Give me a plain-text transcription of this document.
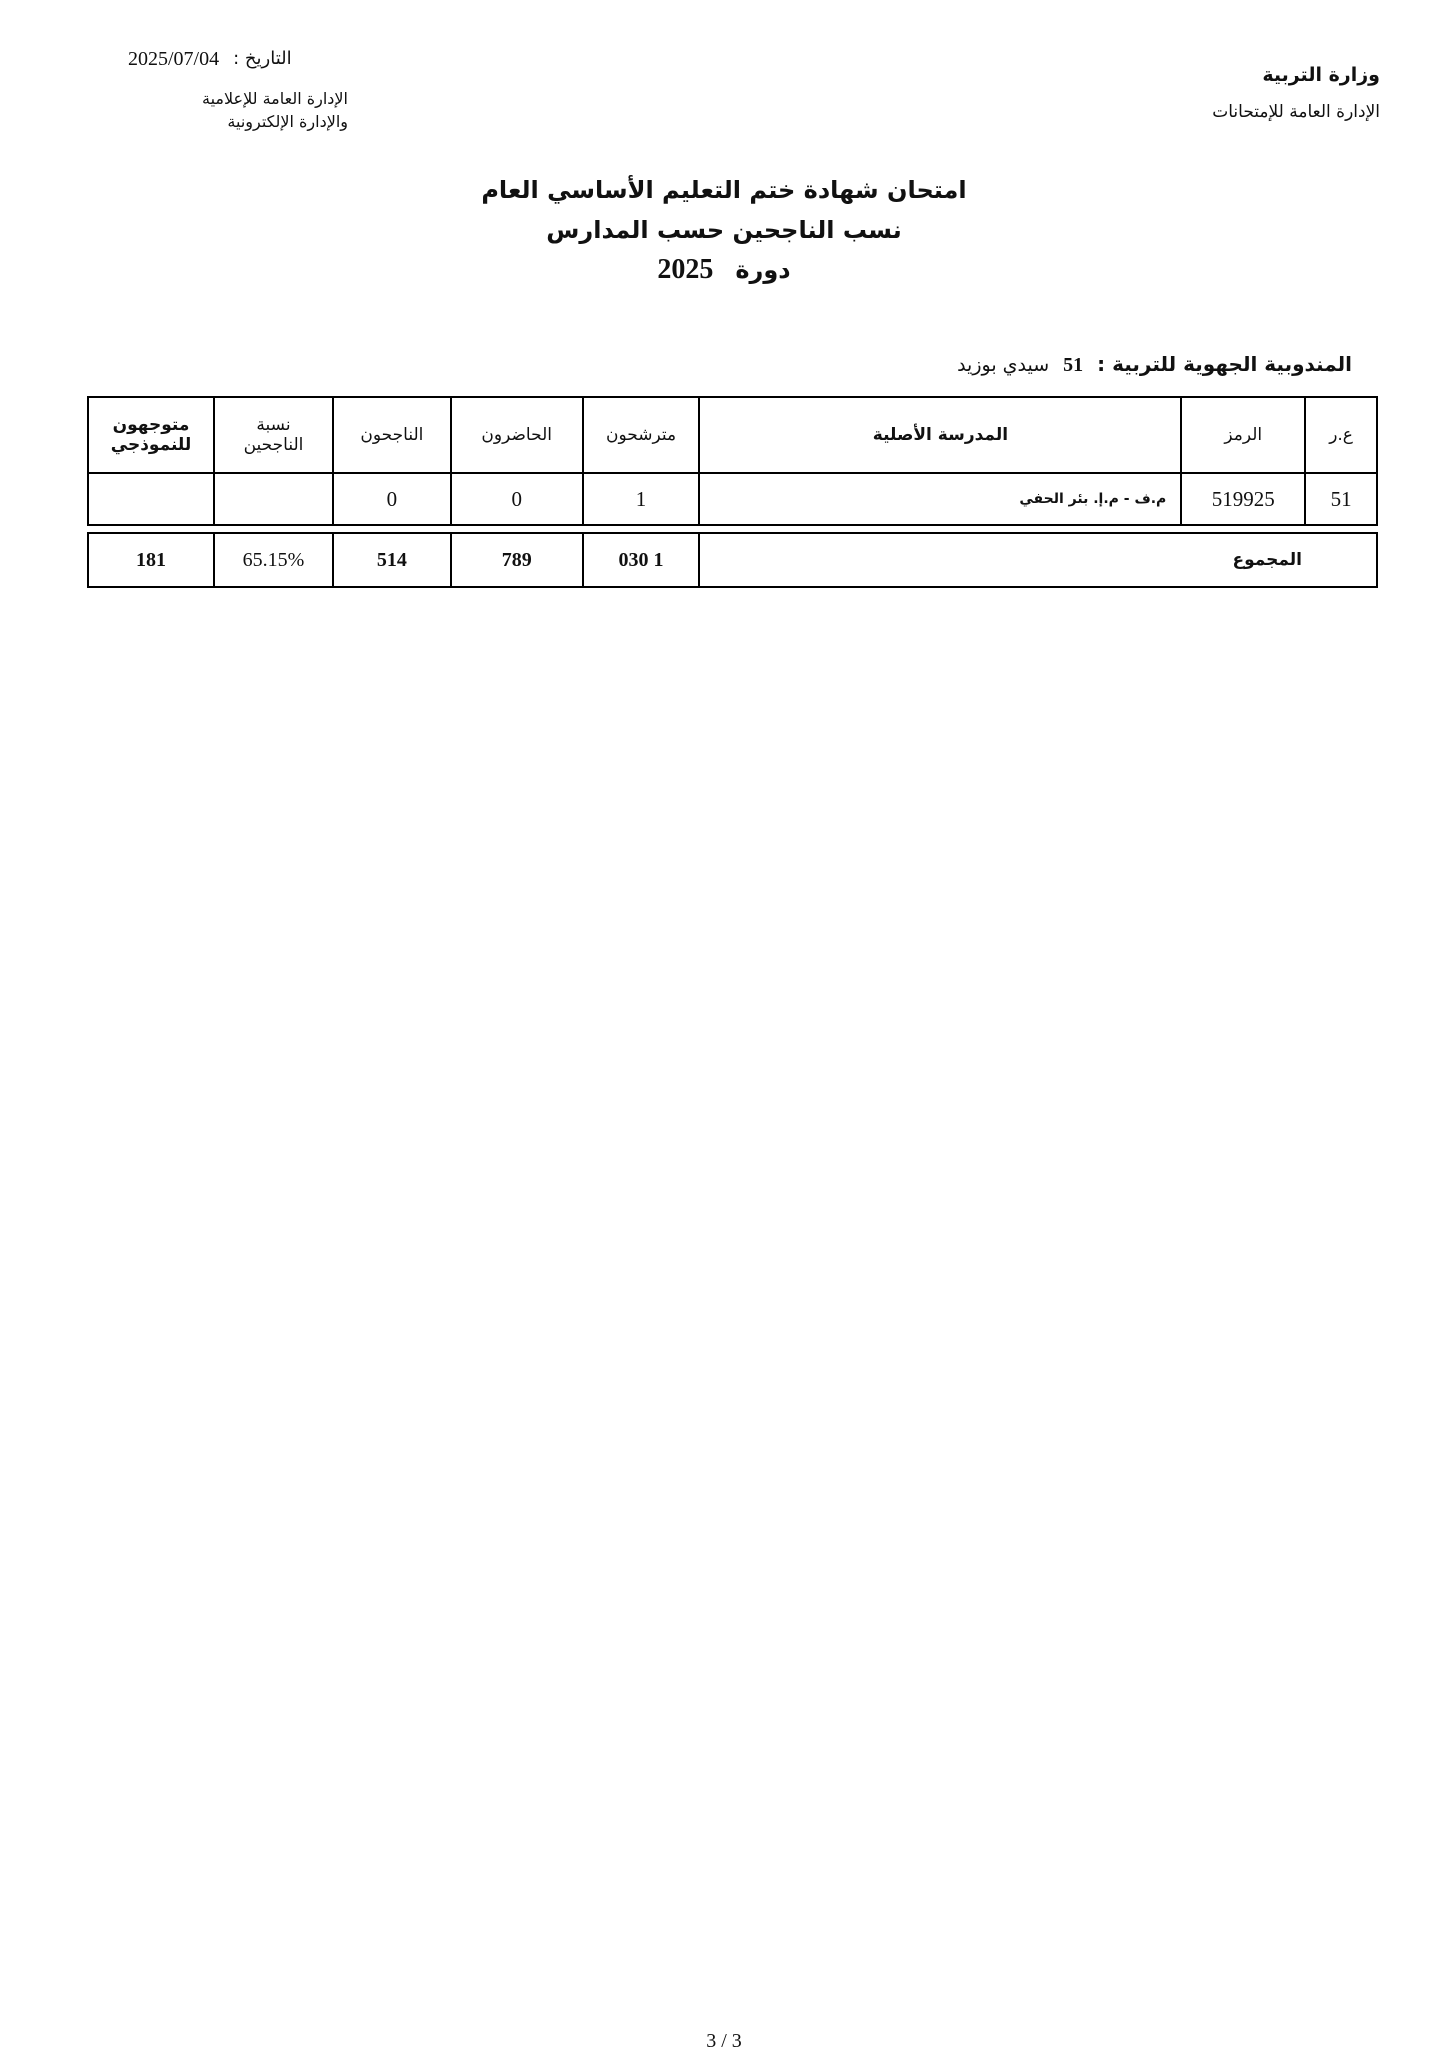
وزارة التربية
الإدارة العامة للإمتحانات
التاريخ :
2025/07/04
الإدارة العامة للإعلامية
والإدارة الإلكترونية
امتحان شهادة ختم التعليم الأساسي العام
نسب الناجحين حسب المدارس
دورة
2025
المندوبية الجهوية للتربية :
51
سيدي بوزيد
ع.ر	الرمز	المدرسة الأصلية	مترشحون	الحاضرون	الناجحون	نسبة الناجحين	متوجهون للنموذجي
51	519925	م.ف - م.إ. بئر الحفي	1	0	0		

المجموع			1 030	789	514	65.15%	181
3 / 3
